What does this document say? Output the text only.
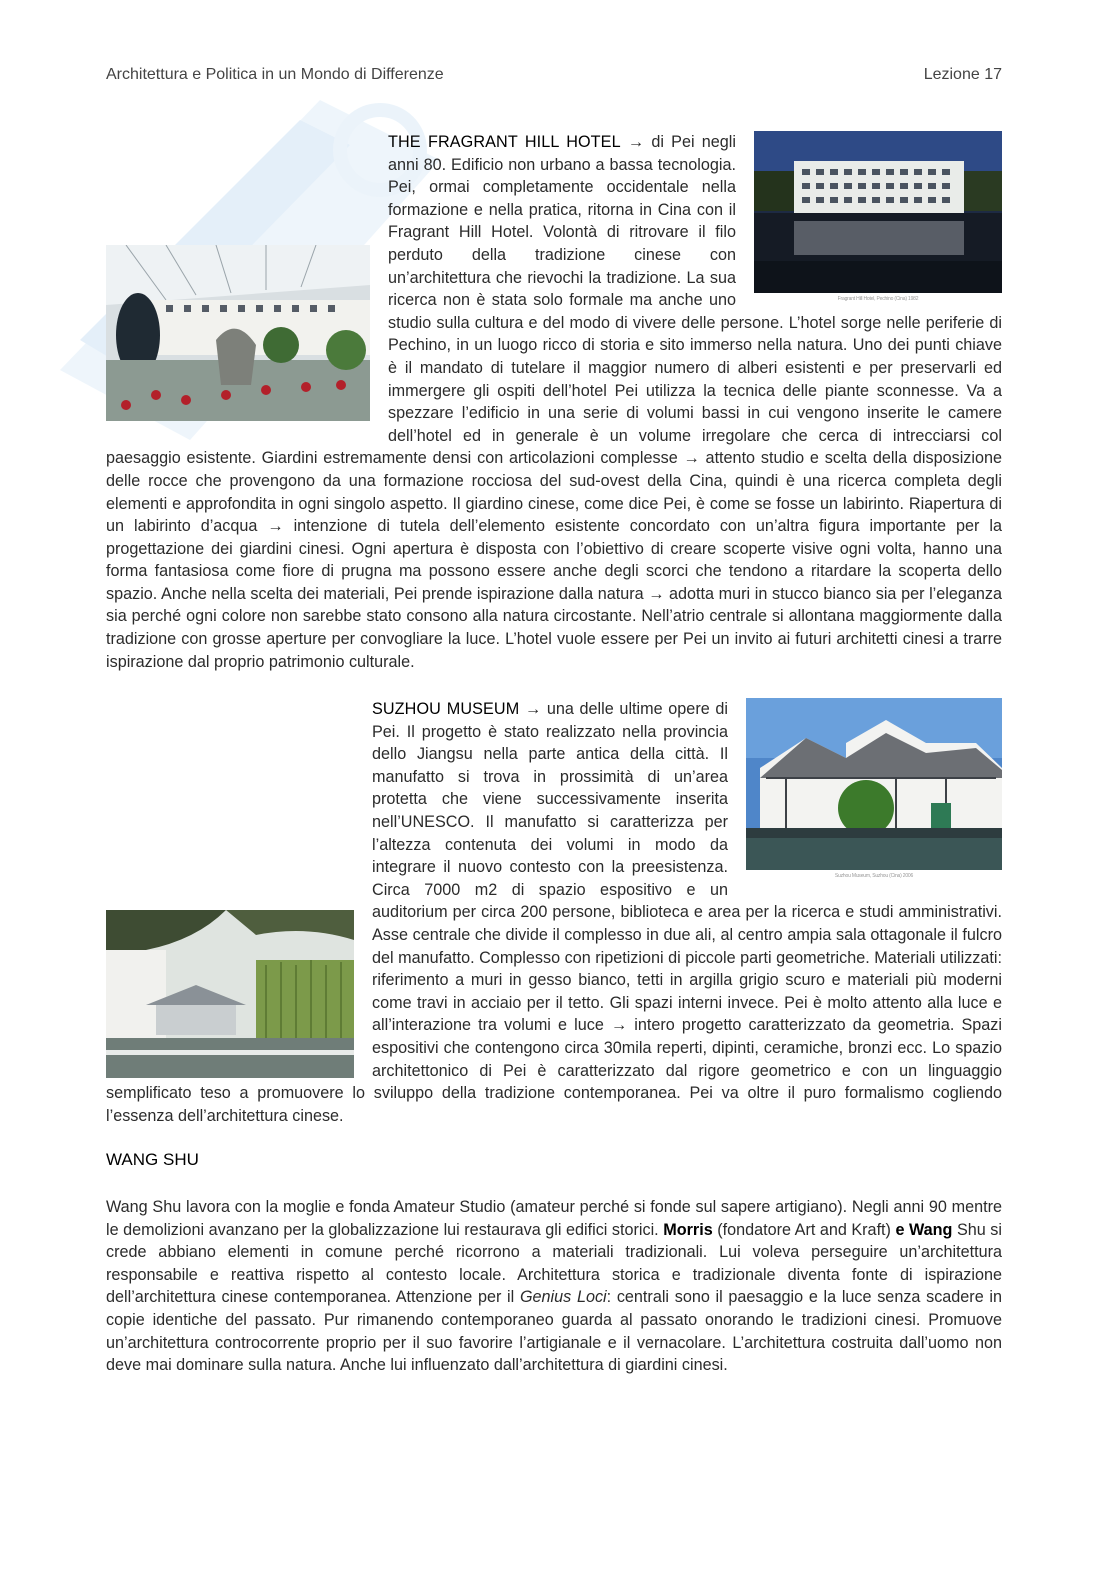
Architettura e Politica in un Mondo di Differenze	Lezione 17
Fragrant Hill Hotel, Pechino (Cina) 1982

THE FRAGRANT HILL HOTEL → di Pei negli anni 80. Edificio non urbano a bassa tecnologia. Pei, ormai completamente occidentale nella formazione e nella pratica, ritorna in Cina con il Fragrant Hill Hotel. Volontà di ritrovare il filo perduto della tradizione cinese con un’architettura che rievochi la tradizione. La sua ricerca non è stata solo formale ma anche uno studio sulla cultura e del modo di vivere delle persone. L’hotel sorge nelle periferie di Pechino, in un luogo ricco di storia e sito immerso nella natura. Uno dei punti chiave è il mandato di tutelare il maggior numero di alberi esistenti e per preservarli ed immergere gli ospiti dell’hotel Pei utilizza la tecnica delle piante sconnesse. Va a spezzare l’edificio in una serie di volumi bassi in cui vengono inserite le camere dell’hotel ed in generale è un volume irregolare che cerca di intrecciarsi col paesaggio esistente. Giardini estremamente densi con articolazioni complesse → attento studio e scelta della disposizione delle rocce che provengono da una formazione rocciosa del sud-ovest della Cina, quindi è una ricerca completa degli elementi e approfondita in ogni singolo aspetto. Il giardino cinese, come dice Pei, è come se fosse un labirinto. Riapertura di un labirinto d’acqua → intenzione di tutela dell’elemento esistente concordato con un’altra figura importante per la progettazione dei giardini cinesi. Ogni apertura è disposta con l’obiettivo di creare scoperte visive ogni volta, hanno una forma fantasiosa come fiore di prugna ma possono essere anche degli scorci che tendono a ritardare la scoperta dello spazio. Anche nella scelta dei materiali, Pei prende ispirazione dalla natura → adotta muri in stucco bianco sia per l’eleganza sia perché ogni colore non sarebbe stato consono alla natura circostante. Nell’atrio centrale si allontana maggiormente dalla tradizione con grosse aperture per convogliare la luce. L’hotel vuole essere per Pei un invito ai futuri architetti cinesi a trarre ispirazione dal proprio patrimonio culturale.

Suzhou Museum, Suzhou (Cina) 2006

SUZHOU MUSEUM → una delle ultime opere di Pei. Il progetto è stato realizzato nella provincia dello Jiangsu nella parte antica della città. Il manufatto si trova in prossimità di un’area protetta che viene successivamente inserita nell’UNESCO. Il manufatto si caratterizza per l’altezza contenuta dei volumi in modo da integrare il nuovo contesto con la preesistenza. Circa 7000 m2 di spazio espositivo e un auditorium per circa 200 persone, biblioteca e area per la ricerca e studi amministrativi. Asse centrale che divide il complesso in due ali, al centro ampia sala ottagonale il fulcro del manufatto. Complesso con ripetizioni di piccole parti geometriche. Materiali utilizzati: riferimento a muri in gesso bianco, tetti in argilla grigio scuro e materiali più moderni come travi in acciaio per il tetto. Gli spazi interni invece. Pei è molto attento alla luce e all’interazione tra volumi e luce → intero progetto caratterizzato da geometria. Spazi espositivi che contengono circa 30mila reperti, dipinti, ceramiche, bronzi ecc. Lo spazio architettonico di Pei è caratterizzato dal rigore geometrico e con un linguaggio semplificato teso a promuovere lo sviluppo della tradizione contemporanea. Pei va oltre il puro formalismo cogliendo l’essenza dell’architettura cinese.

WANG SHU

Wang Shu lavora con la moglie e fonda Amateur Studio (amateur perché si fonde sul sapere artigiano). Negli anni 90 mentre le demolizioni avanzano per la globalizzazione lui restaurava gli edifici storici. Morris (fondatore Art and Kraft) e Wang Shu si crede abbiano elementi in comune perché ricorrono a materiali tradizionali. Lui voleva perseguire un’architettura responsabile e reattiva rispetto al contesto locale. Architettura storica e tradizionale diventa fonte di ispirazione dell’architettura cinese contemporanea. Attenzione per il Genius Loci: centrali sono il paesaggio e la luce senza scadere in copie identiche del passato. Pur rimanendo contemporaneo guarda al passato onorando le tradizioni cinesi. Promuove un’architettura controcorrente proprio per il suo favorire l’artigianale e il vernacolare. L’architettura costruita dall’uomo non deve mai dominare sulla natura. Anche lui influenzato dall’architettura di giardini cinesi.
